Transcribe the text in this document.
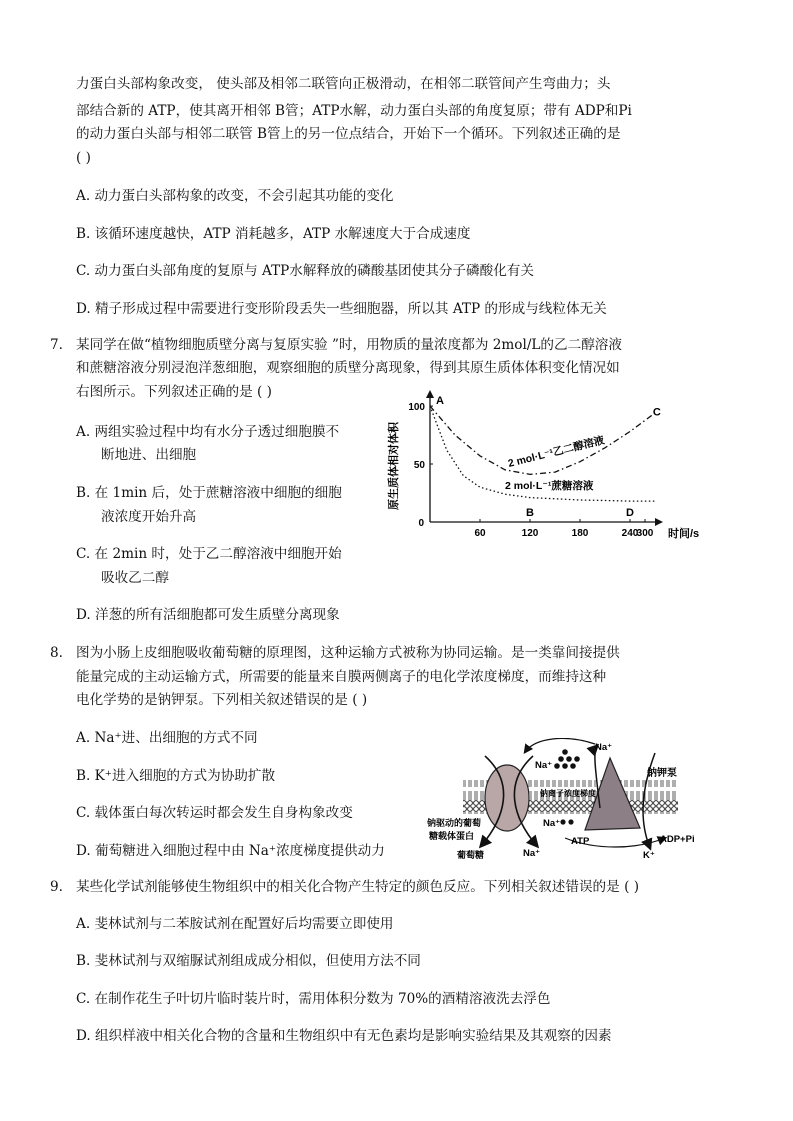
力蛋白头部构象改变， 使头部及相邻二联管向正极滑动，在相邻二联管间产生弯曲力；头
部结合新的 ATP，使其离开相邻 B管；ATP水解，动力蛋白头部的角度复原；带有 ADP和Pi
的动力蛋白头部与相邻二联管 B管上的另一位点结合，开始下一个循环。下列叙述正确的是
( )
A. 动力蛋白头部构象的改变，不会引起其功能的变化
B. 该循环速度越快，ATP 消耗越多，ATP 水解速度大于合成速度
C. 动力蛋白头部角度的复原与 ATP水解释放的磷酸基团使其分子磷酸化有关
D. 精子形成过程中需要进行变形阶段丢失一些细胞器，所以其 ATP 的形成与线粒体无关
7. 某同学在做“植物细胞质壁分离与复原实验 ”时，用物质的量浓度都为 2mol/L的乙二醇溶液
和蔗糖溶液分别浸泡洋葱细胞，观察细胞的质壁分离现象，得到其原生质体体积变化情况如
右图所示。下列叙述正确的是 ( )
A. 两组实验过程中均有水分子透过细胞膜不
断地进、出细胞
B. 在 1min 后，处于蔗糖溶液中细胞的细胞
液浓度开始升高
C. 在 2min 时，处于乙二醇溶液中细胞开始
吸收乙二醇
D. 洋葱的所有活细胞都可发生质壁分离现象
原生质体相对体积
60	120	180	240
300
50
100
0
A
B
C
D
2 mol·L⁻¹乙二醇溶液
2 mol·L⁻¹蔗糖溶液
时间/s
8. 图为小肠上皮细胞吸收葡萄糖的原理图，这种运输方式被称为协同运输。是一类靠间接提供
能量完成的主动运输方式，所需要的能量来自膜两侧离子的电化学浓度梯度，而维持这种
电化学势的是钠钾泵。下列相关叙述错误的是 ( )
A. Na⁺进、出细胞的方式不同
B. K⁺进入细胞的方式为协助扩散
C. 载体蛋白每次转运时都会发生自身构象改变
D. 葡萄糖进入细胞过程中由 Na⁺浓度梯度提供动力
Na⁺
Na⁺
钠钾泵
钠离子浓度梯度
钠驱动的葡萄
糖载体蛋白
葡萄糖
Na⁺
Na⁺
ATP	ADP+Pi
K⁺
9. 某些化学试剂能够使生物组织中的相关化合物产生特定的颜色反应。下列相关叙述错误的是 ( )
A. 斐林试剂与二苯胺试剂在配置好后均需要立即使用
B. 斐林试剂与双缩脲试剂组成成分相似，但使用方法不同
C. 在制作花生子叶切片临时装片时，需用体积分数为 70%的酒精溶液洗去浮色
D. 组织样液中相关化合物的含量和生物组织中有无色素均是影响实验结果及其观察的因素
